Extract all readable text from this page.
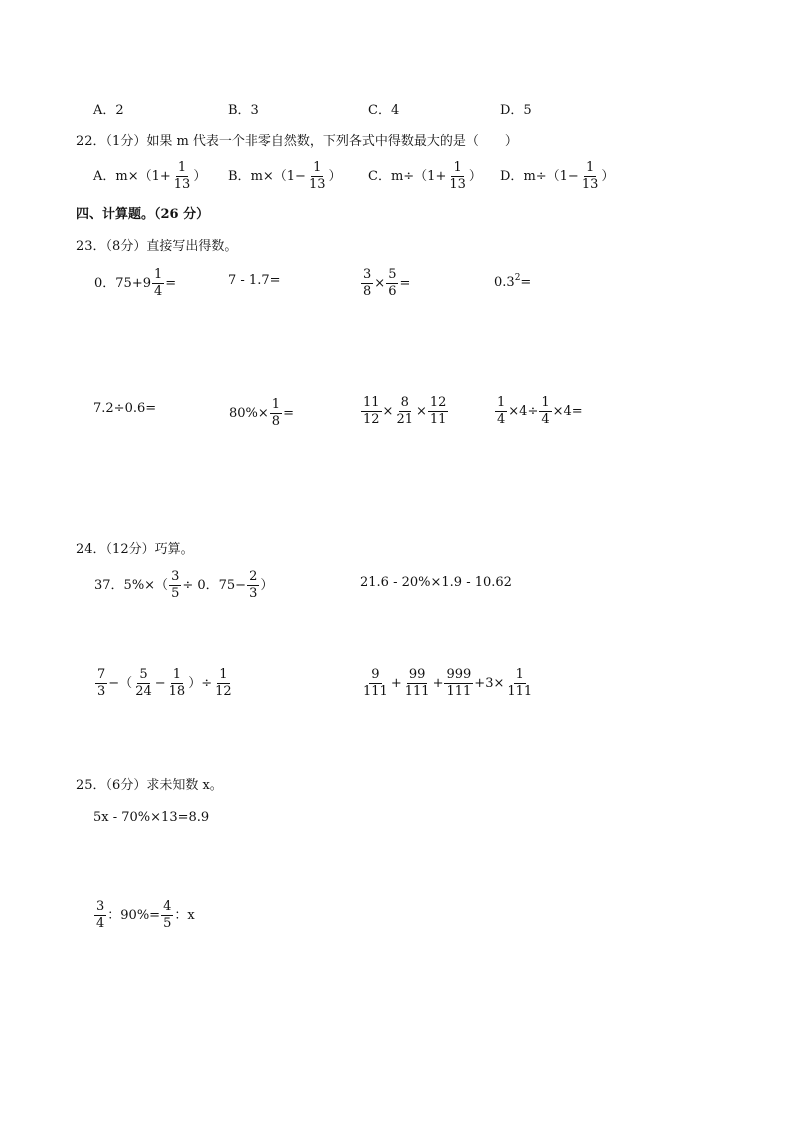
A．2	B．3	C．4	D．5
22．（1分）如果 m 代表一个非零自然数，下列各式中得数最大的是（　　）
A． $m\times(1+ \frac{1}{13}$ ） B． $m\times(1- \frac{1}{13}$ ） C． $m\div(1+ \frac{1}{13}$ ） D． $m\div(1- \frac{1}{13}$ ）
四、计算题。（26 分）
23．（8分）直接写出得数。
0．$75+9 \frac{1}{4}$ =	7 - 1.7=	$\frac{3}{8} \times \frac{5}{6}$ =	$0.3^2=$
7.2÷0.6=	$80\%\times \frac{1}{8}$ =	$\frac{11}{12} \times \frac{8}{21} \times \frac{12}{11}$	$\frac{1}{4} \times 4\div \frac{1}{4} \times 4=$
24．（12分）巧算。
37．$5\%\times( \frac{3}{5} \div 0$．$75- \frac{2}{3}$ ）	21.6 - 20%×1.9 - 10.62
$\frac{7}{3}$ −（ $\frac{5}{24} - \frac{1}{18}$ ）÷ $\frac{1}{12}$	$\frac{9}{111} + \frac{99}{111} + \frac{999}{111} +3\times \frac{1}{111}$
25．（6分）求未知数 x。
5x - 70%×13=8.9
$\frac{3}{4}$ ：$90\%= \frac{4}{5}$ ：x
